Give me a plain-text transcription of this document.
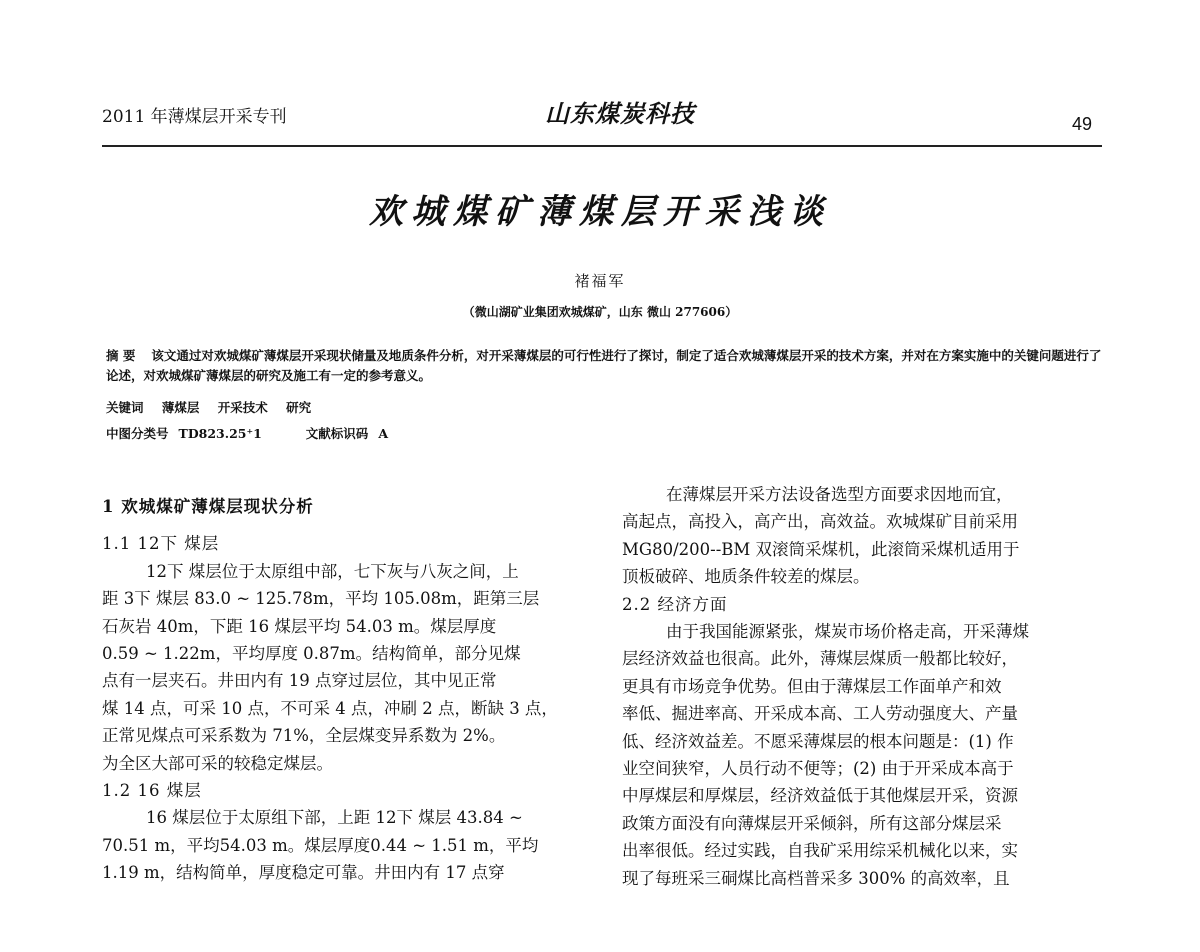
2011 年薄煤层开采专刊	山东煤炭科技	49
欢城煤矿薄煤层开采浅谈
褚福军
（微山湖矿业集团欢城煤矿，山东 微山 277606）
摘 要 该文通过对欢城煤矿薄煤层开采现状储量及地质条件分析，对开采薄煤层的可行性进行了探讨，制定了适合欢城薄煤层开采的技术方案，并对在方案实施中的关键问题进行了论述，对欢城煤矿薄煤层的研究及施工有一定的参考意义。
关键词 薄煤层 开采技术 研究
中图分类号 TD823.25⁺1	文献标识码 A
1 欢城煤矿薄煤层现状分析
1.1 12下 煤层
12下 煤层位于太原组中部，七下灰与八灰之间，上
距 3下 煤层 83.0 ~ 125.78m，平均 105.08m，距第三层
石灰岩 40m，下距 16 煤层平均 54.03 m。煤层厚度
0.59 ~ 1.22m，平均厚度 0.87m。结构简单，部分见煤
点有一层夹石。井田内有 19 点穿过层位，其中见正常
煤 14 点，可采 10 点，不可采 4 点，冲刷 2 点，断缺 3 点，
正常见煤点可采系数为 71%，全层煤变异系数为 2%。
为全区大部可采的较稳定煤层。
1.2 16 煤层
16 煤层位于太原组下部，上距 12下 煤层 43.84 ~
70.51 m，平均54.03 m。煤层厚度0.44 ~ 1.51 m，平均
1.19 m，结构简单，厚度稳定可靠。井田内有 17 点穿
在薄煤层开采方法设备选型方面要求因地而宜，
高起点，高投入，高产出，高效益。欢城煤矿目前采用
MG80/200--BM 双滚筒采煤机，此滚筒采煤机适用于
顶板破碎、地质条件较差的煤层。
2.2 经济方面
由于我国能源紧张，煤炭市场价格走高，开采薄煤
层经济效益也很高。此外，薄煤层煤质一般都比较好，
更具有市场竞争优势。但由于薄煤层工作面单产和效
率低、掘进率高、开采成本高、工人劳动强度大、产量
低、经济效益差。不愿采薄煤层的根本问题是：(1) 作
业空间狭窄，人员行动不便等；(2) 由于开采成本高于
中厚煤层和厚煤层，经济效益低于其他煤层开采，资源
政策方面没有向薄煤层开采倾斜，所有这部分煤层采
出率很低。经过实践，自我矿采用综采机械化以来，实
现了每班采三硐煤比高档普采多 300% 的高效率，且
